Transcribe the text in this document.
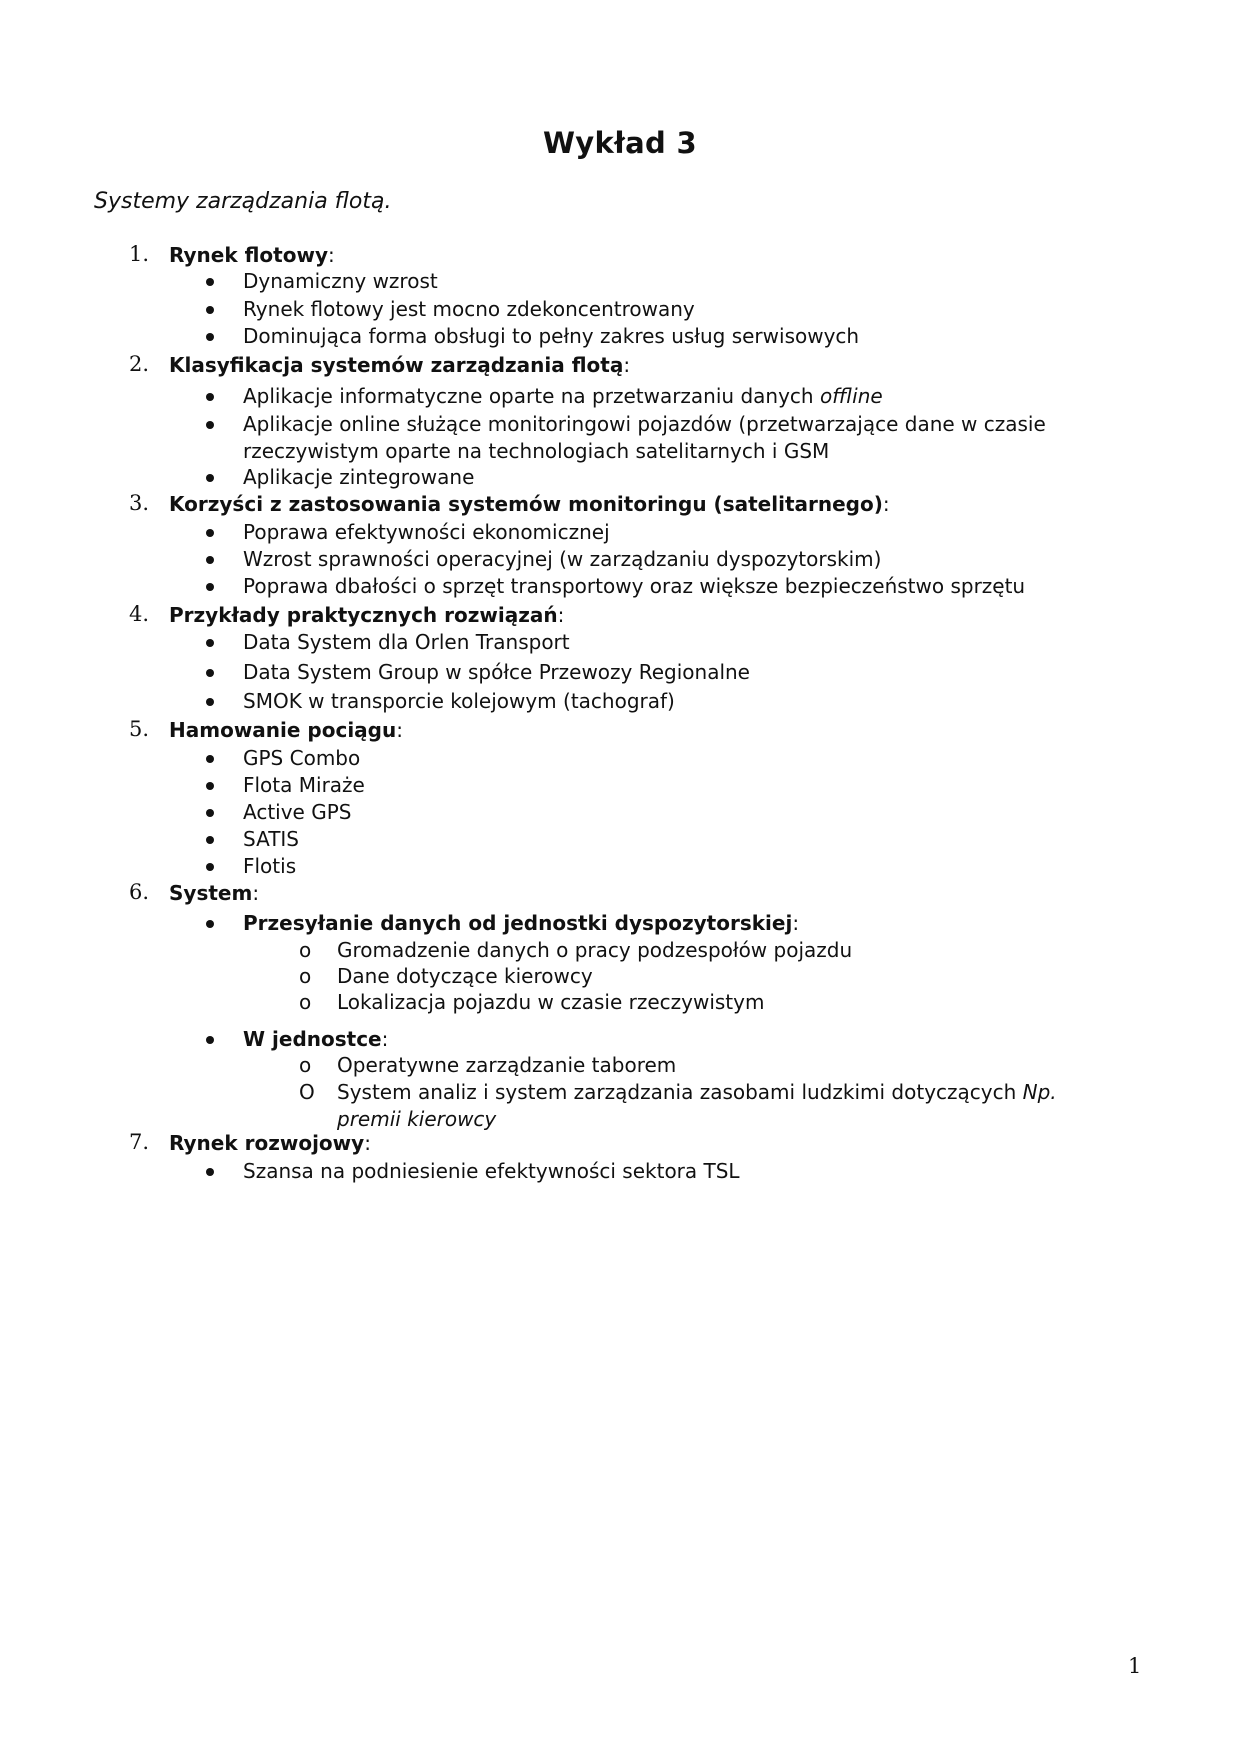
Wykład 3
Systemy zarządzania flotą.
1. Rynek flotowy:
Dynamiczny wzrost
Rynek flotowy jest mocno zdekoncentrowany
Dominująca forma obsługi to pełny zakres usług serwisowych
2. Klasyfikacja systemów zarządzania flotą:
Aplikacje informatyczne oparte na przetwarzaniu danych offline
Aplikacje online służące monitoringowi pojazdów (przetwarzające dane w czasie
rzeczywistym oparte na technologiach satelitarnych i GSM
Aplikacje zintegrowane
3. Korzyści z zastosowania systemów monitoringu (satelitarnego):
Poprawa efektywności ekonomicznej
Wzrost sprawności operacyjnej (w zarządzaniu dyspozytorskim)
Poprawa dbałości o sprzęt transportowy oraz większe bezpieczeństwo sprzętu
4. Przykłady praktycznych rozwiązań:
Data System dla Orlen Transport
Data System Group w spółce Przewozy Regionalne
SMOK w transporcie kolejowym (tachograf)
5. Hamowanie pociągu:
GPS Combo
Flota Miraże
Active GPS
SATIS
Flotis
6. System:
Przesyłanie danych od jednostki dyspozytorskiej:
o Gromadzenie danych o pracy podzespołów pojazdu
o Dane dotyczące kierowcy
o Lokalizacja pojazdu w czasie rzeczywistym
W jednostce:
o Operatywne zarządzanie taborem
O System analiz i system zarządzania zasobami ludzkimi dotyczących Np.
premii kierowcy
7. Rynek rozwojowy:
Szansa na podniesienie efektywności sektora TSL
1
